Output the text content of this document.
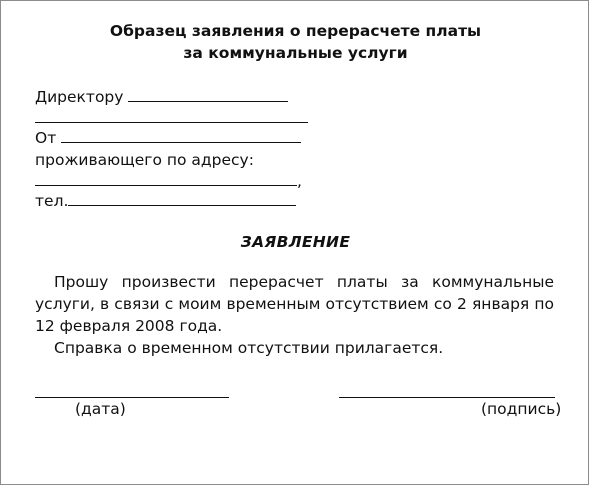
Образец заявления о перерасчете платы
за коммунальные услуги
Директору
От
проживающего по адресу:
,
тел.
ЗАЯВЛЕНИЕ
Прошу произвести перерасчет платы за коммунальные услуги, в связи с моим временным отсутствием со 2 января по 12 февраля 2008 года.
Справка о временном отсутствии прилагается.
(дата)	(подпись)
